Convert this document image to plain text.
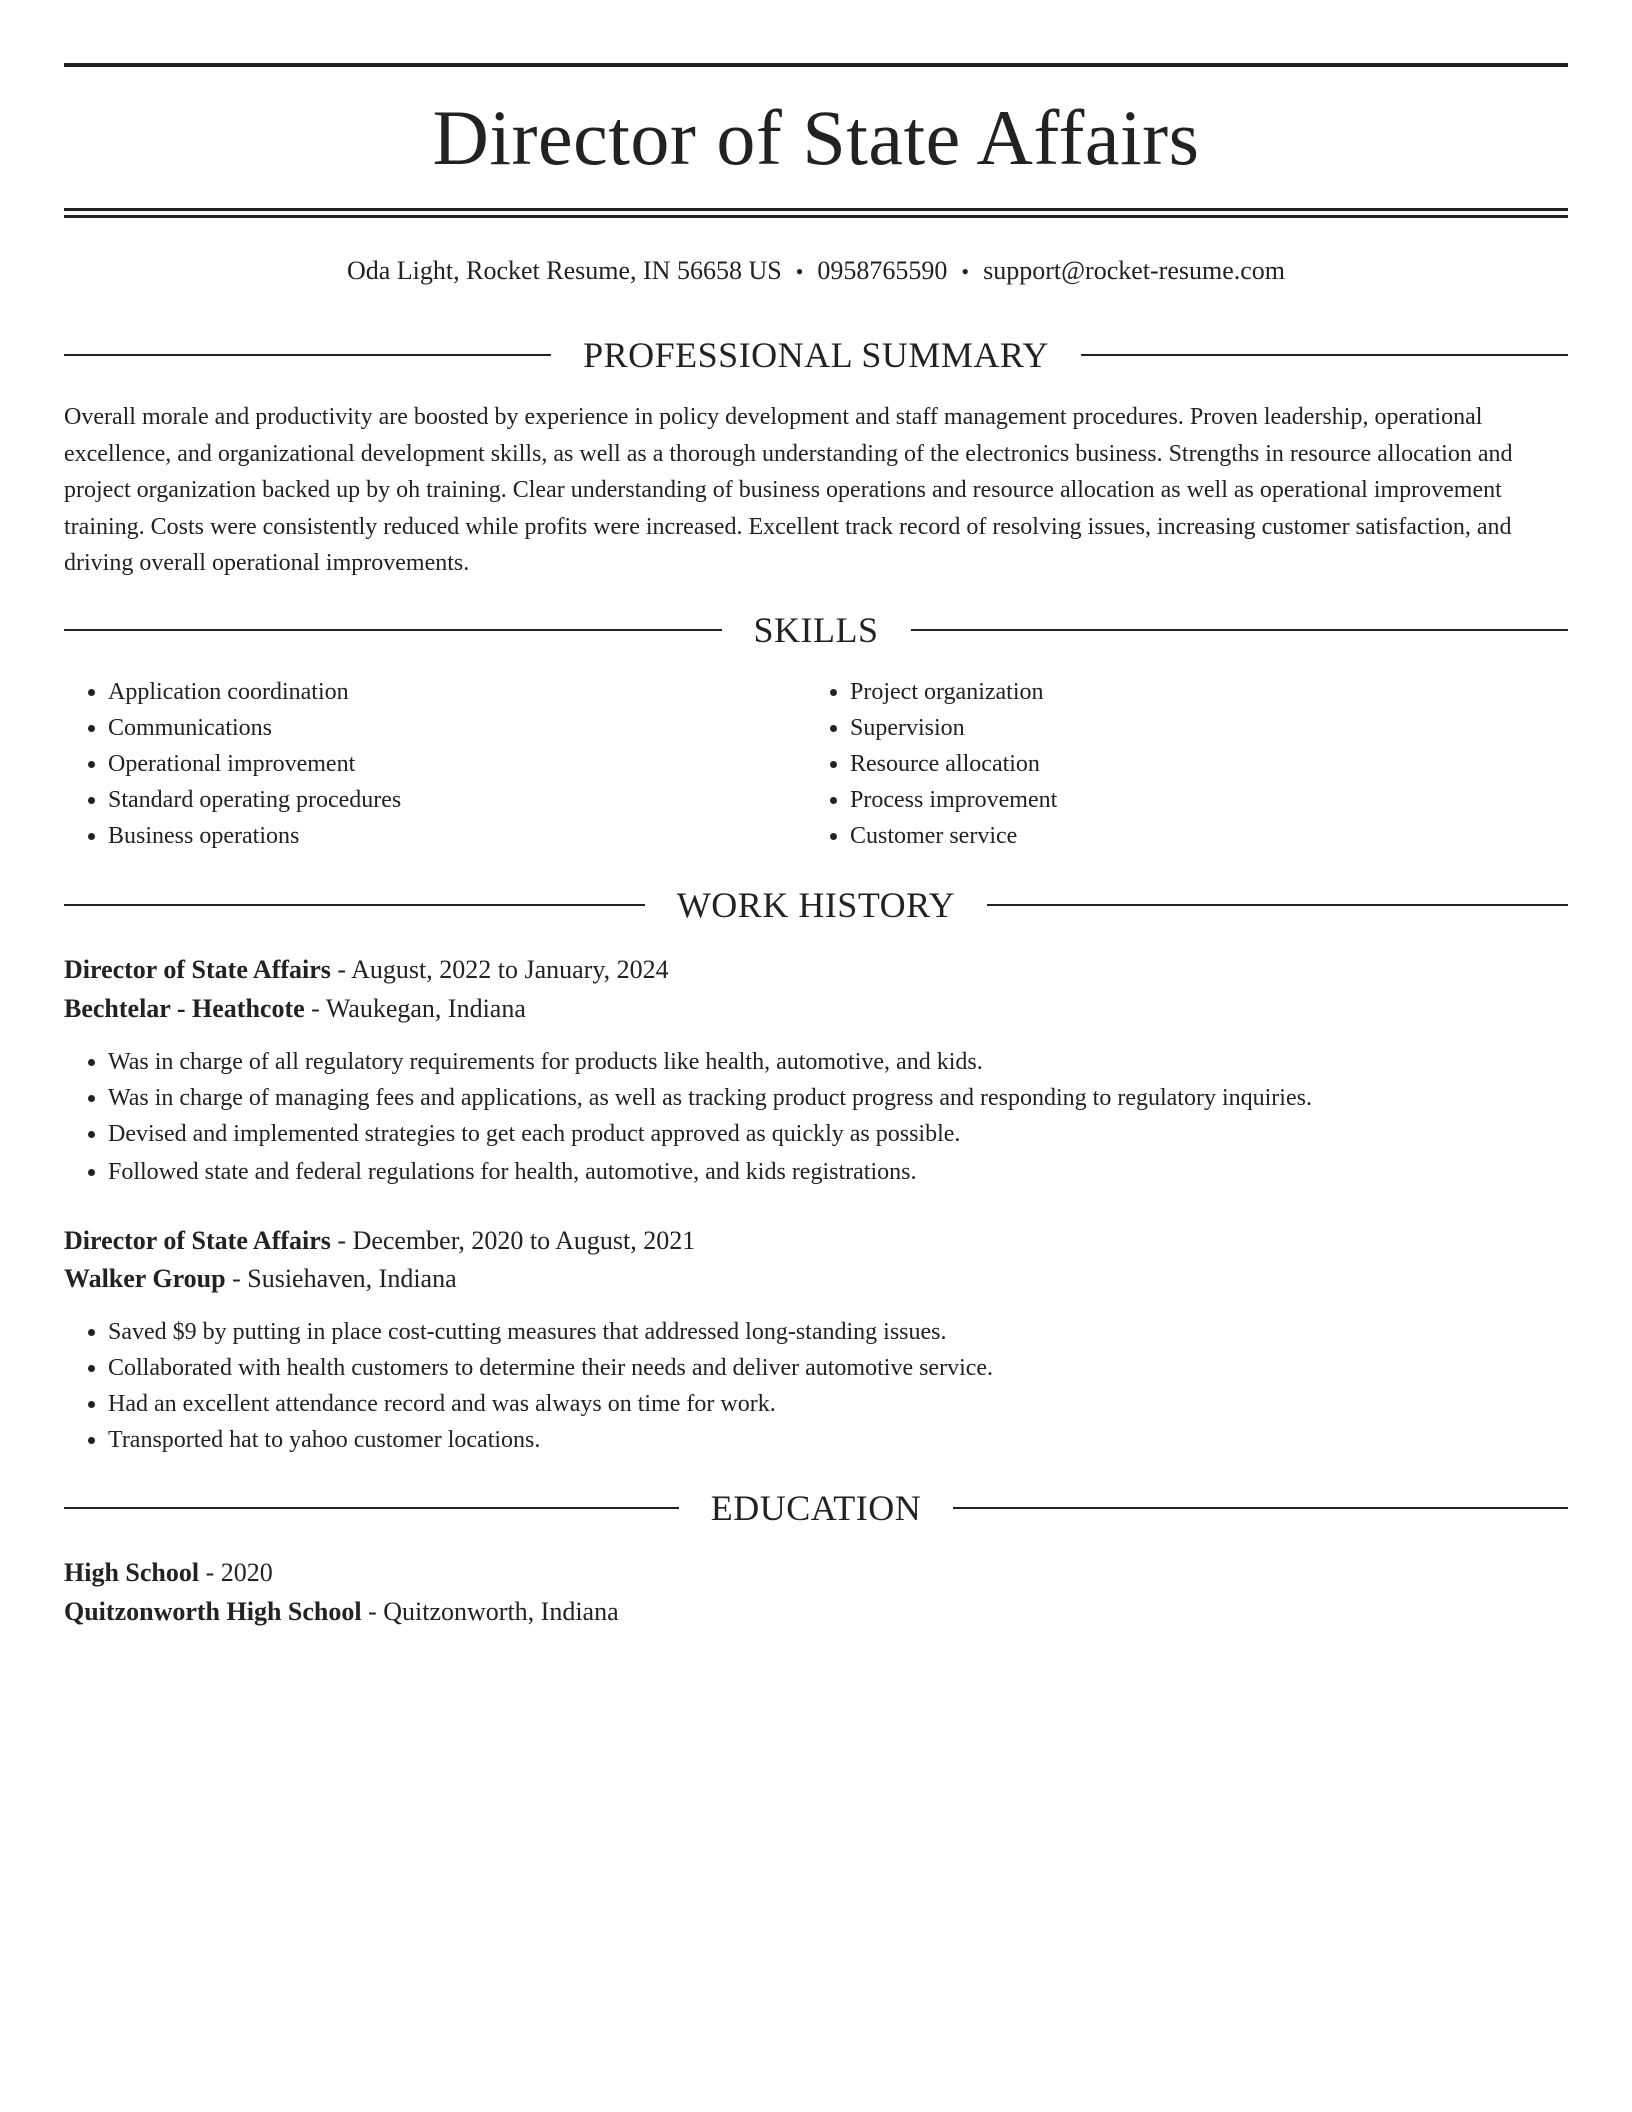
Director of State Affairs
Oda Light, Rocket Resume, IN 56658 US • 0958765590 • support@rocket-resume.com
PROFESSIONAL SUMMARY

Overall morale and productivity are boosted by experience in policy development and staff management procedures. Proven leadership, operational excellence, and organizational development skills, as well as a thorough understanding of the electronics business. Strengths in resource allocation and project organization backed up by oh training. Clear understanding of business operations and resource allocation as well as operational improvement training. Costs were consistently reduced while profits were increased. Excellent track record of resolving issues, increasing customer satisfaction, and driving overall operational improvements.

SKILLS
• Application coordination
• Communications
• Operational improvement
• Standard operating procedures
• Business operations
• Project organization
• Supervision
• Resource allocation
• Process improvement
• Customer service
WORK HISTORY
Director of State Affairs - August, 2022 to January, 2024
Bechtelar - Heathcote - Waukegan, Indiana
• Was in charge of all regulatory requirements for products like health, automotive, and kids.
• Was in charge of managing fees and applications, as well as tracking product progress and responding to regulatory inquiries.
• Devised and implemented strategies to get each product approved as quickly as possible.
• Followed state and federal regulations for health, automotive, and kids registrations.
Director of State Affairs - December, 2020 to August, 2021
Walker Group - Susiehaven, Indiana
• Saved $9 by putting in place cost-cutting measures that addressed long-standing issues.
• Collaborated with health customers to determine their needs and deliver automotive service.
• Had an excellent attendance record and was always on time for work.
• Transported hat to yahoo customer locations.
EDUCATION
High School - 2020
Quitzonworth High School - Quitzonworth, Indiana
